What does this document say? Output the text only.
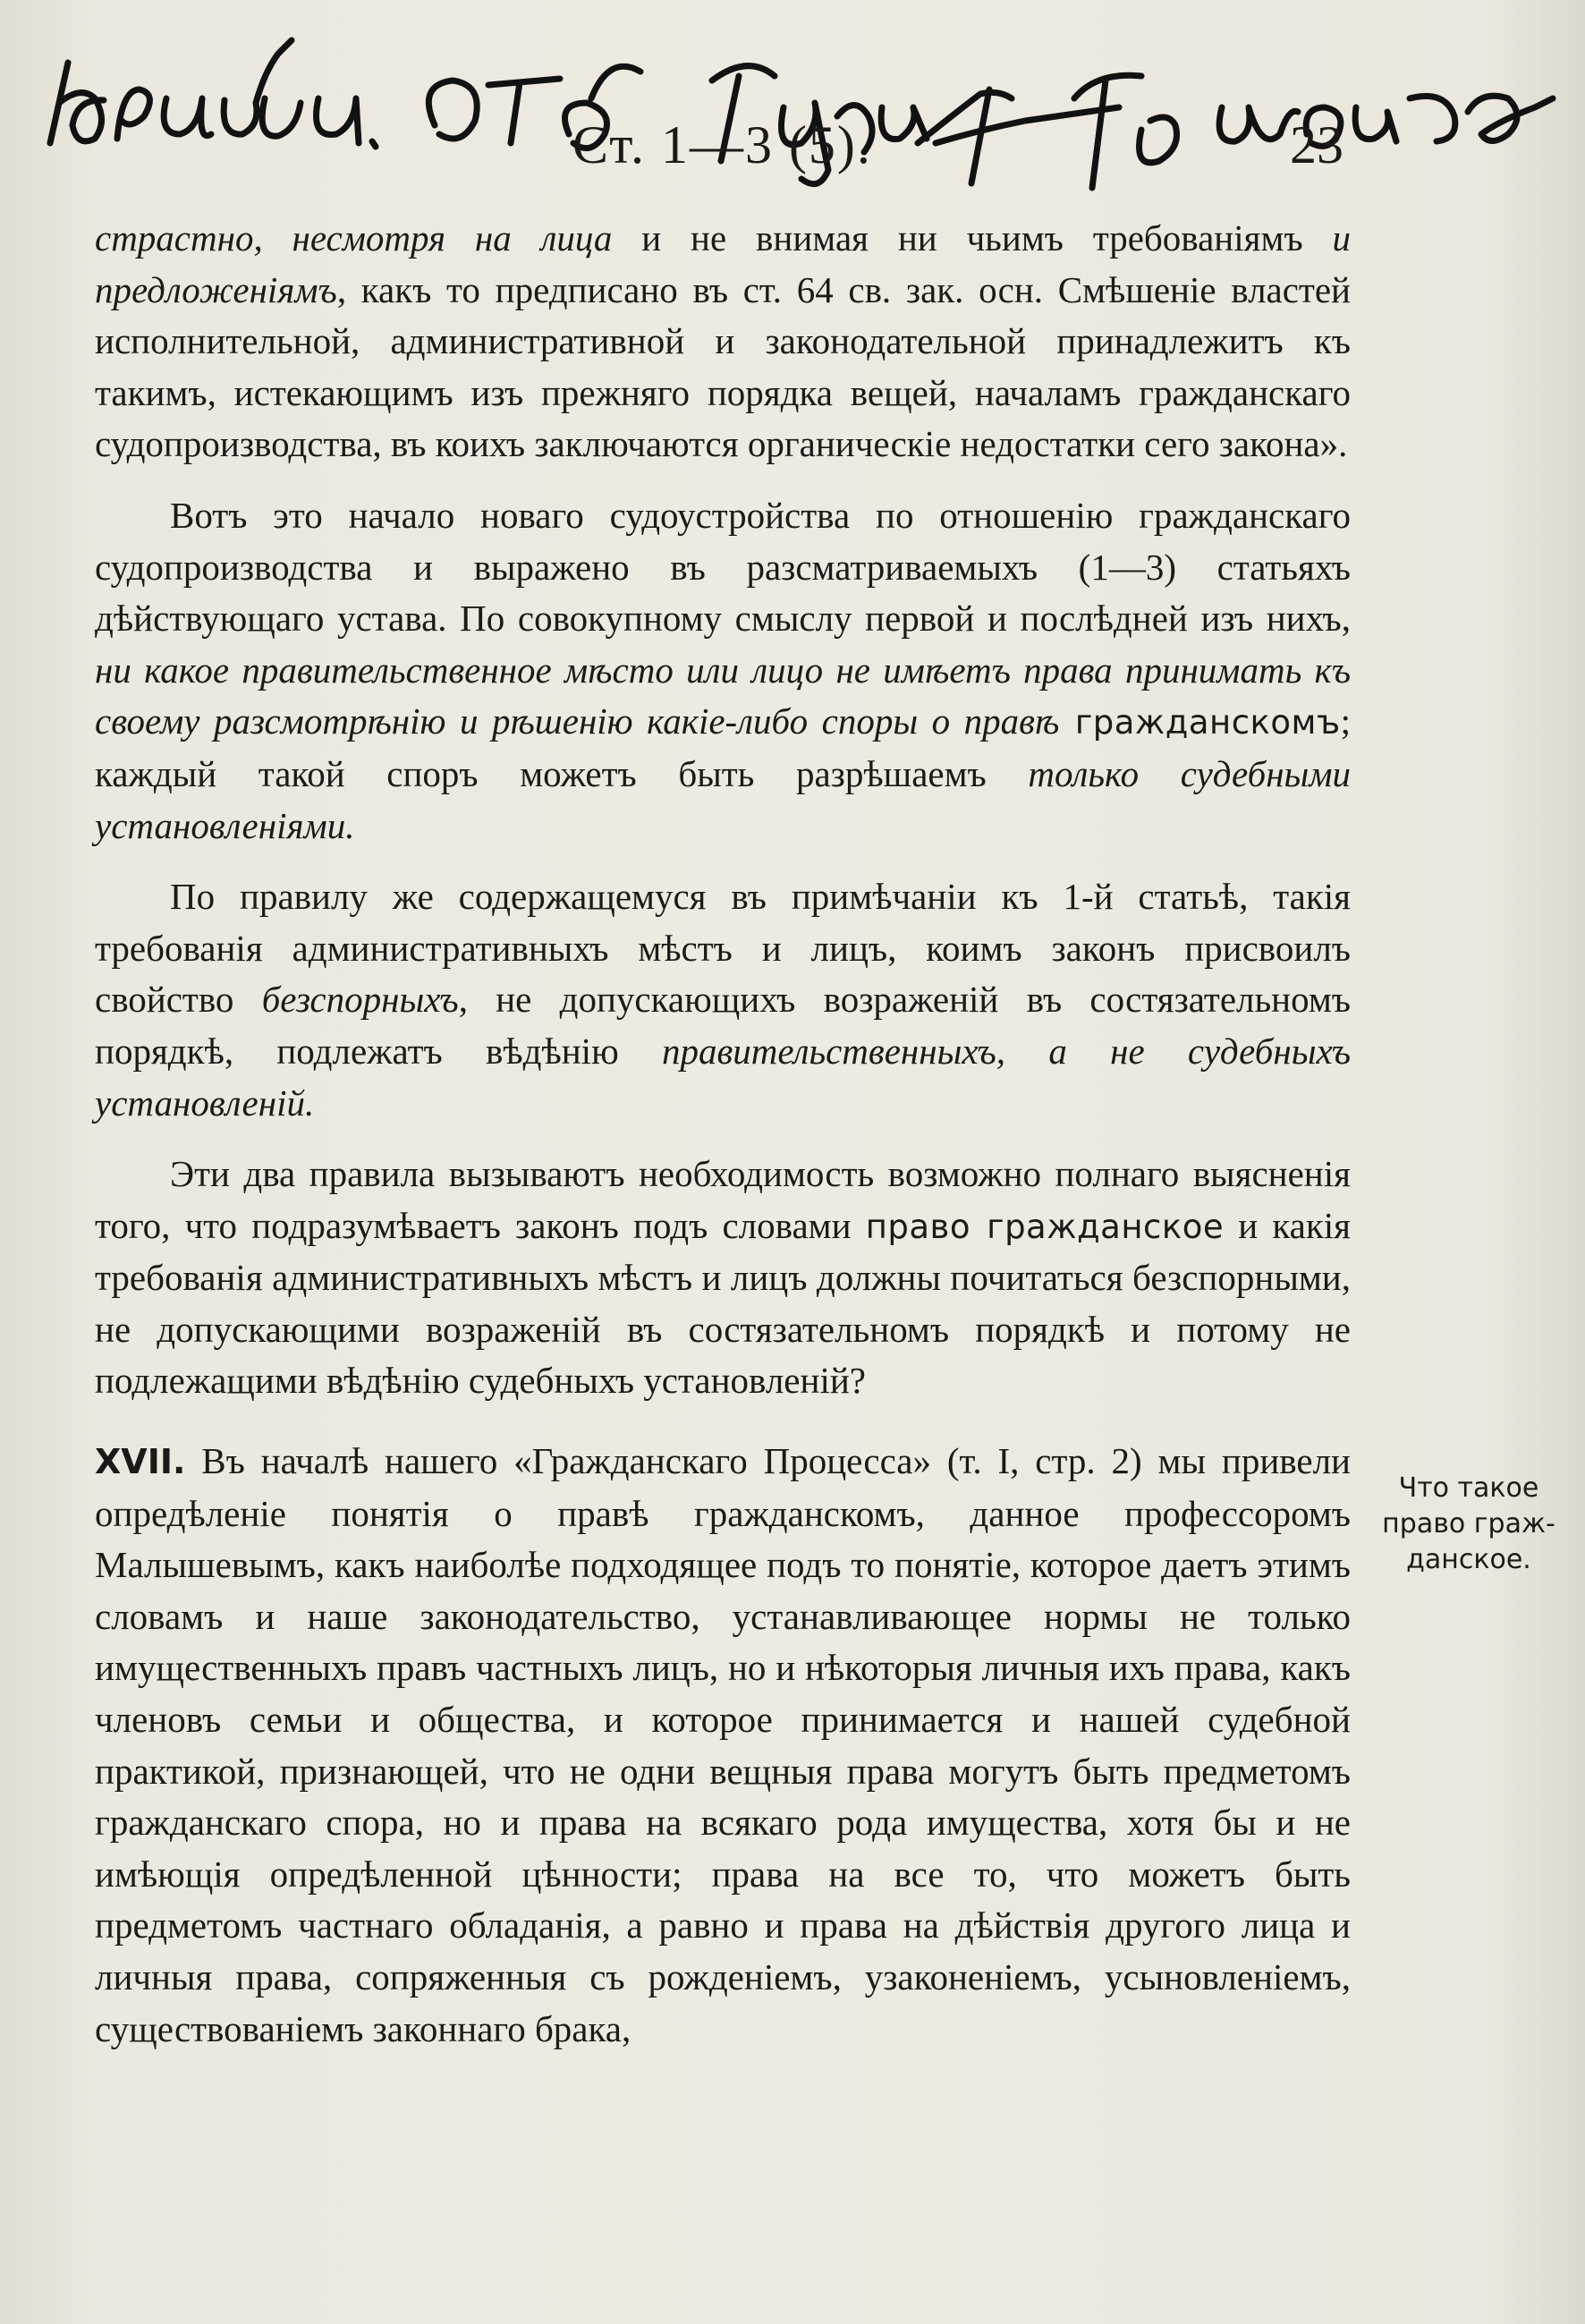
Ст. 1—3 (5).	23

страстно, несмотря на лица и не внимая ни чьимъ требованіямъ и предложеніямъ, какъ то предписано въ ст. 64 св. зак. осн. Смѣшеніе властей исполнительной, административной и законодательной принадлежитъ къ такимъ, истекающимъ изъ прежняго порядка вещей, началамъ гражданскаго судопроизводства, въ коихъ заключаются органическіе недостатки сего закона».

Вотъ это начало новаго судоустройства по отношенію гражданскаго судопроизводства и выражено въ разсматриваемыхъ (1—3) статьяхъ дѣйствующаго устава. По совокупному смыслу первой и послѣдней изъ нихъ, ни какое правительственное мѣсто или лицо не имѣетъ права принимать къ своему разсмотрѣнію и рѣшенію какіе-либо споры о правѣ гражданскомъ; каждый такой споръ можетъ быть разрѣшаемъ только судебными установленіями.

По правилу же содержащемуся въ примѣчаніи къ 1-й статьѣ, такія требованія административныхъ мѣстъ и лицъ, коимъ законъ присвоилъ свойство безспорныхъ, не допускающихъ возраженій въ состязательномъ порядкѣ, подлежатъ вѣдѣнію правительственныхъ, а не судебныхъ установленій.

Эти два правила вызываютъ необходимость возможно полнаго выясненія того, что подразумѣваетъ законъ подъ словами право гражданское и какія требованія административныхъ мѣстъ и лицъ должны почитаться безспорными, не допускающими возраженій въ состязательномъ порядкѣ и потому не подлежащими вѣдѣнію судебныхъ установленій?

XVII. Въ началѣ нашего «Гражданскаго Процесса» (т. I, стр. 2) мы привели опредѣленіе понятія о правѣ гражданскомъ, данное профессоромъ Малышевымъ, какъ наиболѣе подходящее подъ то понятіе, которое даетъ этимъ словамъ и наше законодательство, устанавливающее нормы не только имущественныхъ правъ частныхъ лицъ, но и нѣкоторыя личныя ихъ права, какъ членовъ семьи и общества, и которое принимается и нашей судебной практикой, признающей, что не одни вещныя права могутъ быть предметомъ гражданскаго спора, но и права на всякаго рода имущества, хотя бы и не имѣющія опредѣленной цѣнности; права на все то, что можетъ быть предметомъ частнаго обладанія, а равно и права на дѣйствія другого лица и личныя права, сопряженныя съ рожденіемъ, узаконеніемъ, усыновленіемъ, существованіемъ законнаго брака,

Что такое
право граж-
данское.
